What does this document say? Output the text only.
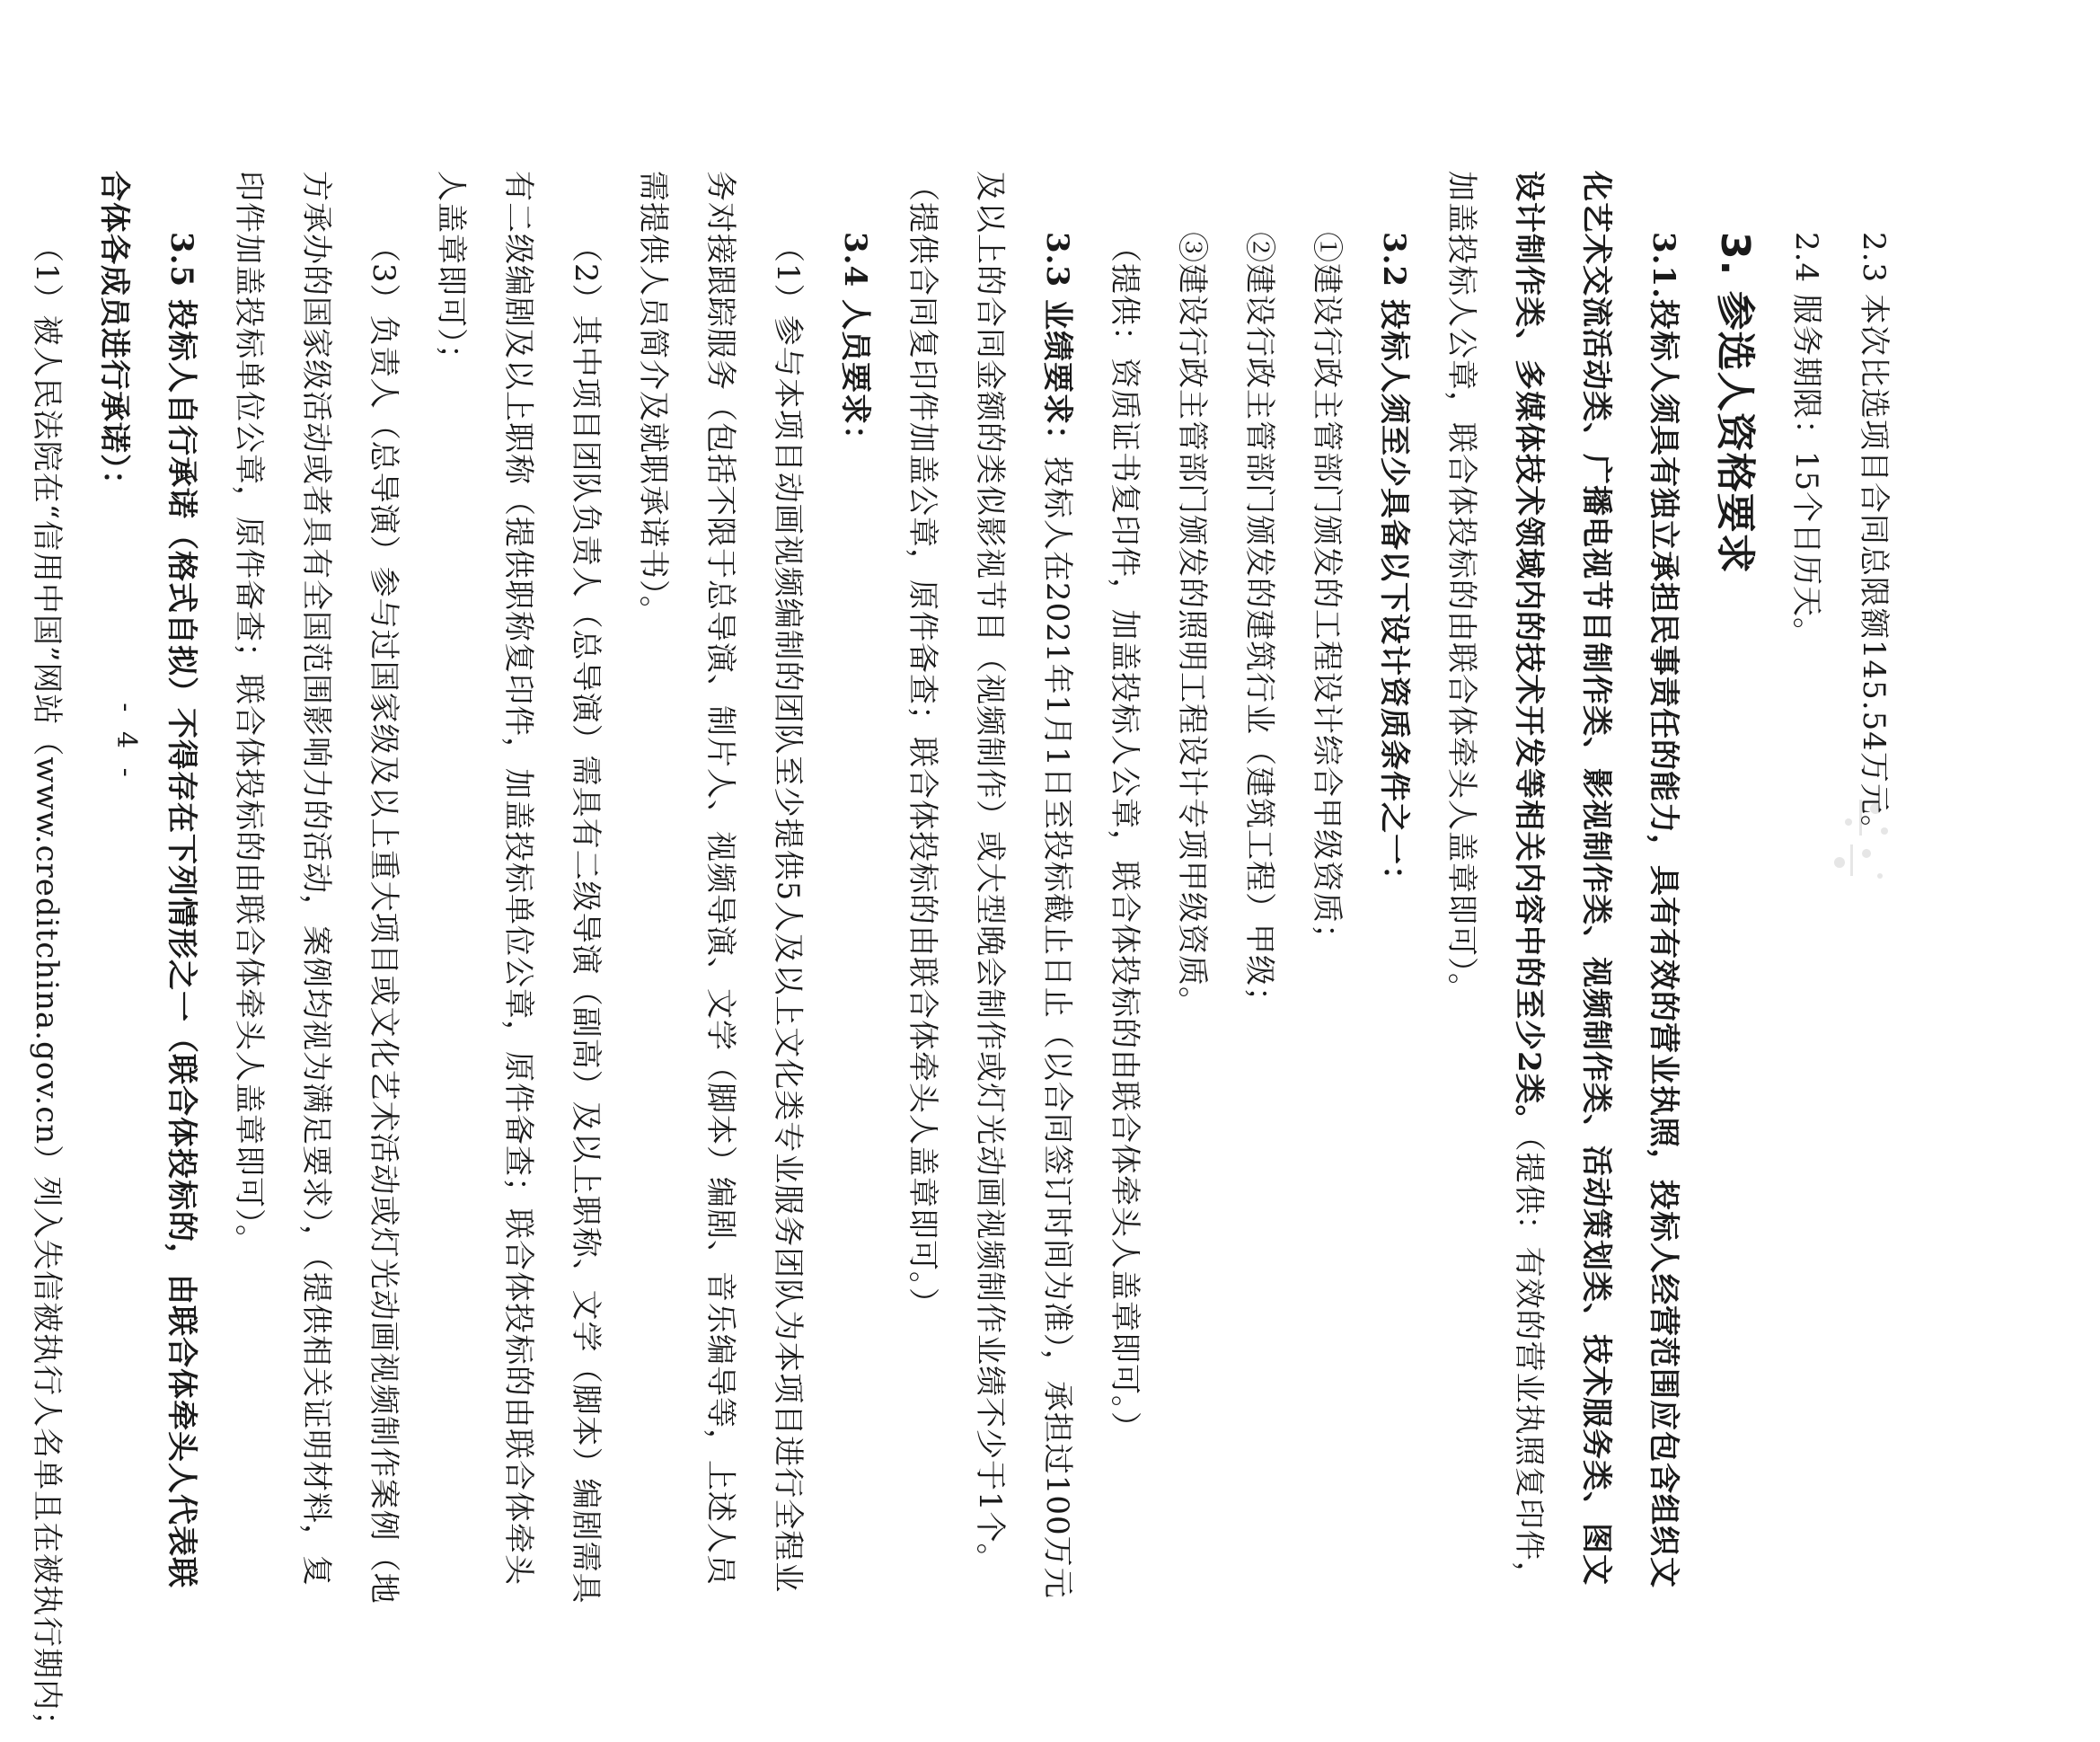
2.3 本次比选项目合同总限额145.54万元。
2.4 服务期限：15个日历天。
3. 参选人资格要求
3.1.投标人须具有独立承担民事责任的能力，具有有效的营业执照，投标人经营范围应包含组织文
化艺术交流活动类、广播电视节目制作类、影视制作类、视频制作类、活动策划类、技术服务类、图文
设计制作类、多媒体技术领域内的技术开发等相关内容中的至少2类。（提供：有效的营业执照复印件，
加盖投标人公章，联合体投标的由联合体牵头人盖章即可）。
3.2 投标人须至少具备以下设计资质条件之一：
①建设行政主管部门颁发的工程设计综合甲级资质；
②建设行政主管部门颁发的建筑行业（建筑工程）甲级；
③建设行政主管部门颁发的照明工程设计专项甲级资质。
（提供：资质证书复印件，加盖投标人公章，联合体投标的由联合体牵头人盖章即可。）
3.3 业绩要求：投标人在2021年1月1日至投标截止日止（以合同签订时间为准），承担过100万元
及以上的合同金额的类似影视节目（视频制作）或大型晚会制作或灯光动画视频制作业绩不少于1个。
（提供合同复印件加盖公章，原件备查；联合体投标的由联合体牵头人盖章即可。）
3.4 人员要求：
（1）参与本项目动画视频编制的团队至少提供5人及以上文化类专业服务团队为本项目进行全程业
务对接跟踪服务（包括不限于总导演、制片人、视频导演、文学（脚本）编剧、音乐编导等，上述人员
需提供人员简介及就职承诺书）。
（2）其中项目团队负责人（总导演）需具有二级导演（副高）及以上职称、文学（脚本）编剧需具
有二级编剧及以上职称（提供职称复印件，加盖投标单位公章，原件备查；联合体投标的由联合体牵头
人盖章即可）；
（3）负责人（总导演）参与过国家级及以上重大项目或文化艺术活动或灯光动画视频制作案例（地
方承办的国家级活动或者具有全国范围影响力的活动，案例均视为满足要求），（提供相关证明材料，复
印件加盖投标单位公章，原件备查；联合体投标的由联合体牵头人盖章即可）。
3.5 投标人自行承诺（格式自拟）不得存在下列情形之一（联合体投标的，由联合体牵头人代表联
合体各成员进行承诺）：
（1）被人民法院在“信用中国”网站（www.creditchina.gov.cn）列入失信被执行人名单且在被执行期内；	- 4 -
